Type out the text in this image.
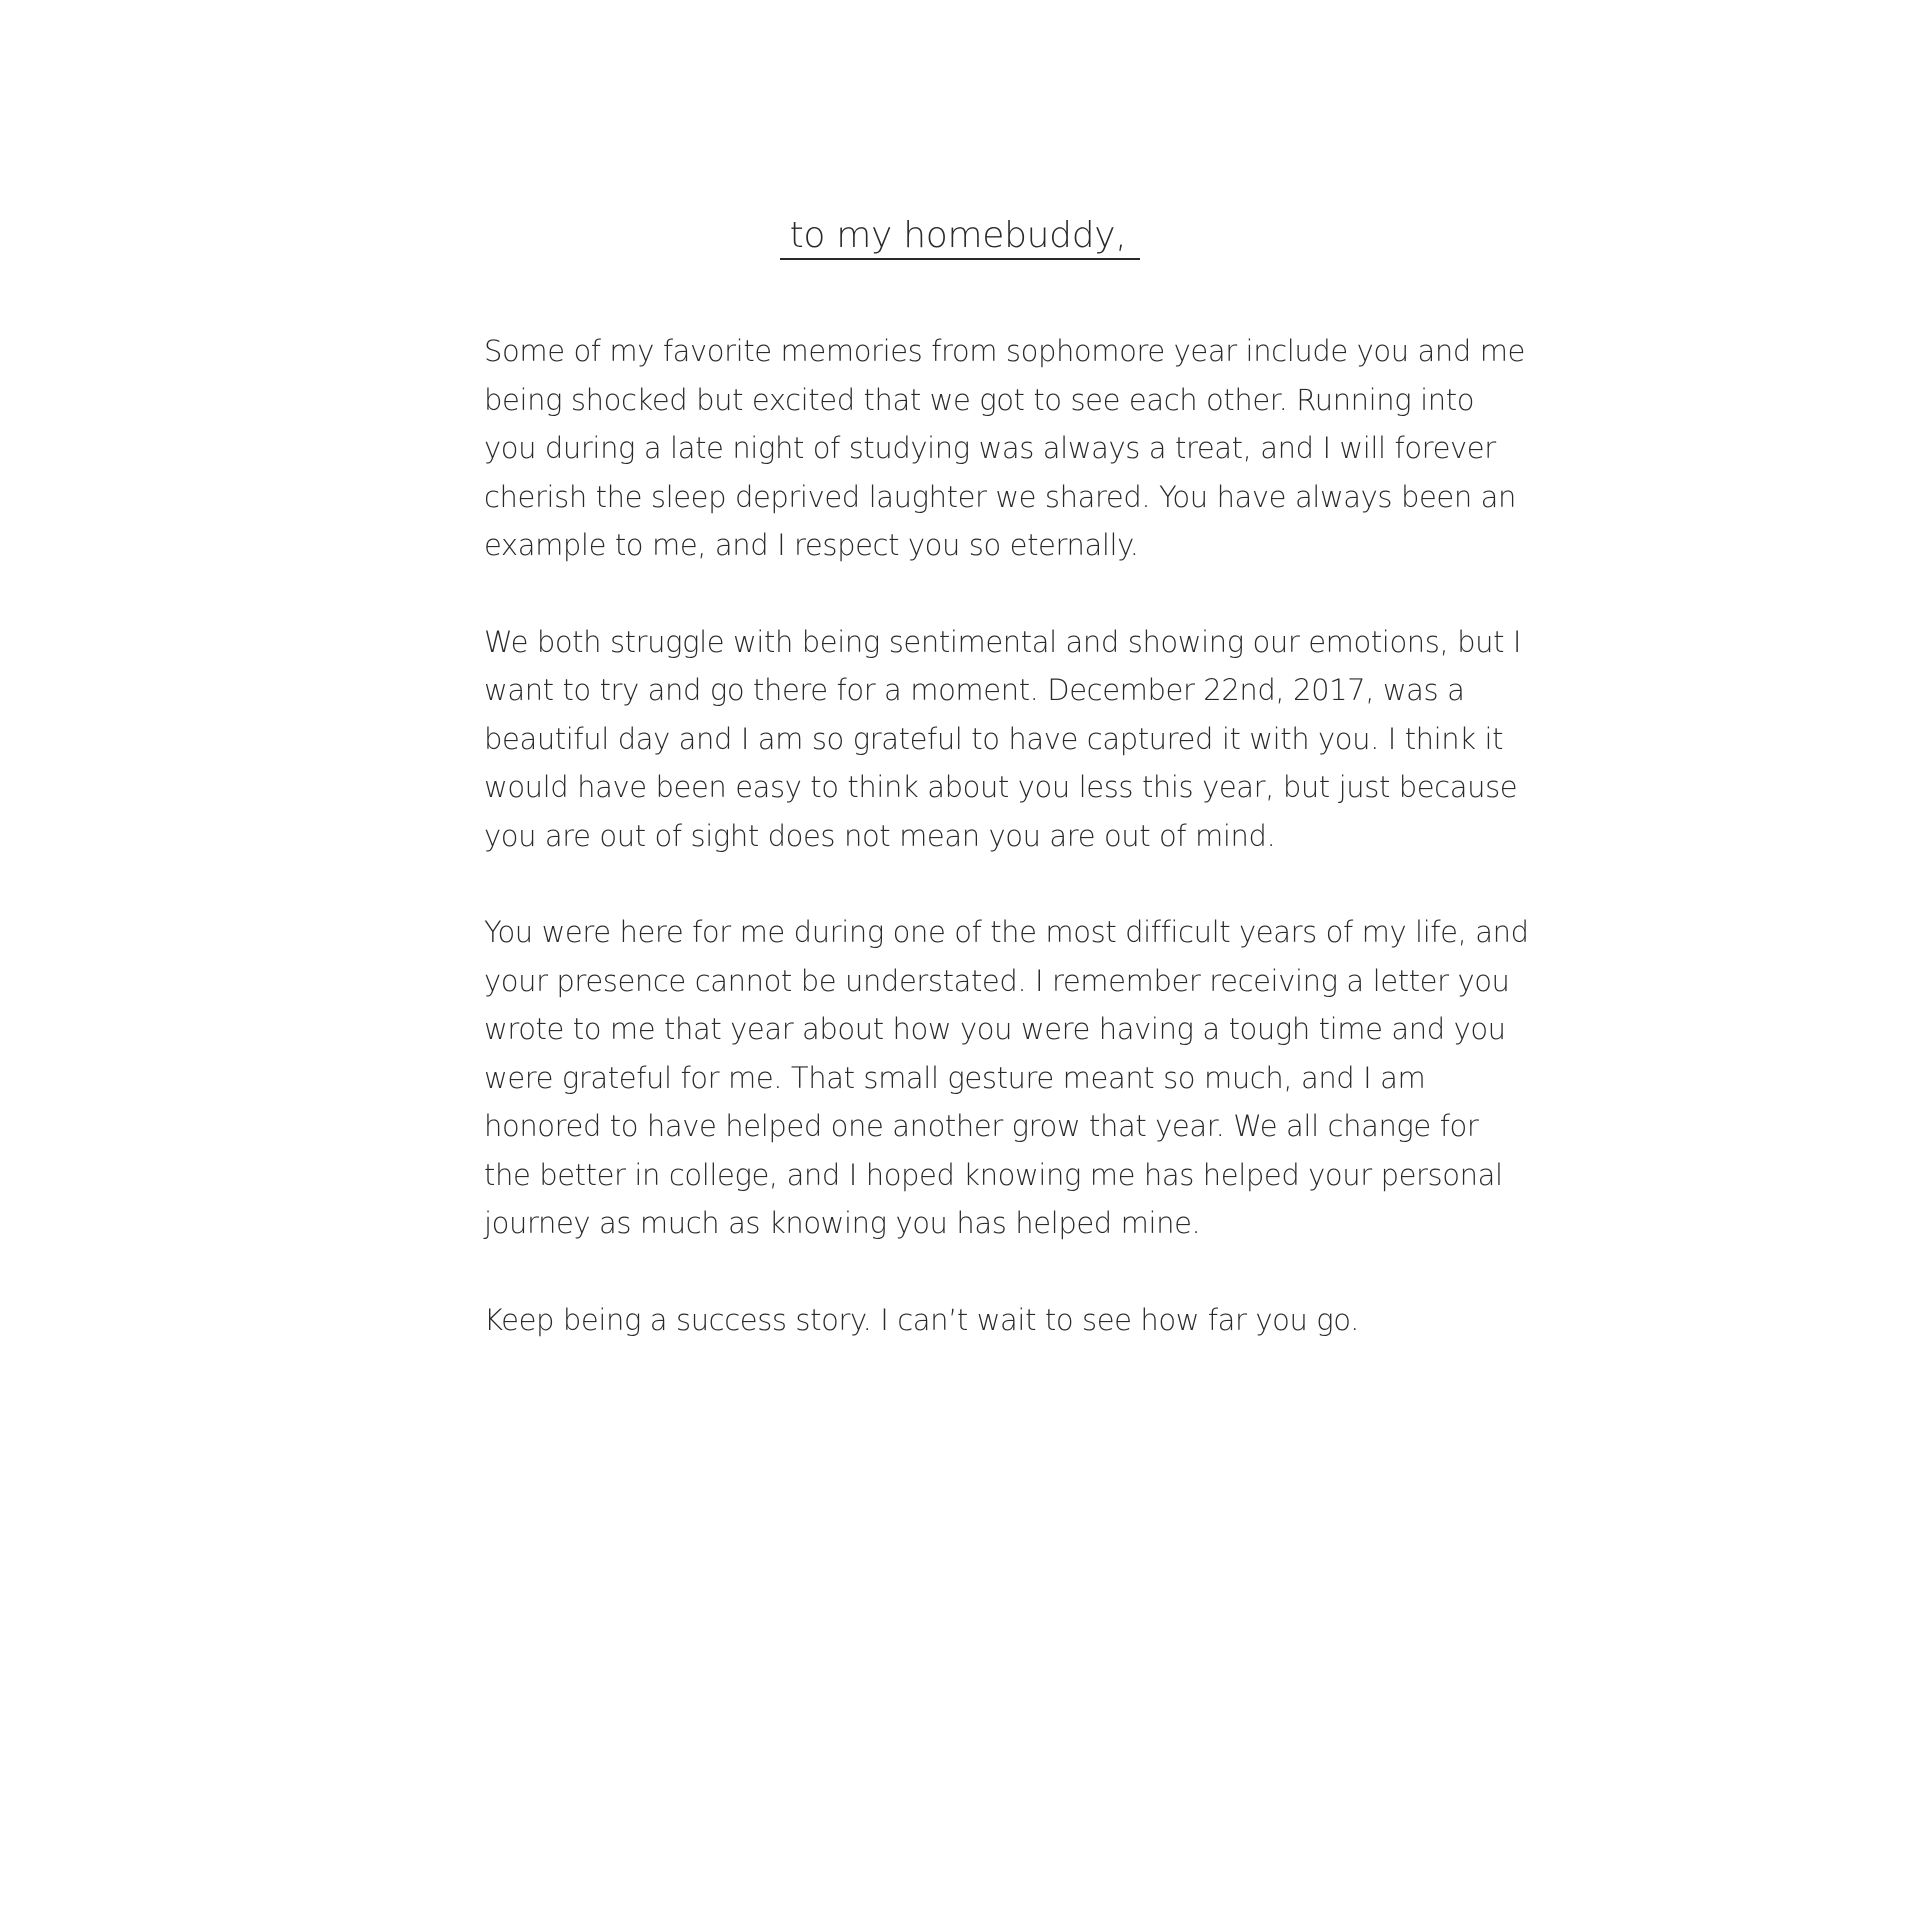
to my homebuddy,

Some of my favorite memories from sophomore year include you and me
being shocked but excited that we got to see each other. Running into
you during a late night of studying was always a treat, and I will forever
cherish the sleep deprived laughter we shared. You have always been an
example to me, and I respect you so eternally.

We both struggle with being sentimental and showing our emotions, but I
want to try and go there for a moment. December 22nd, 2017, was a
beautiful day and I am so grateful to have captured it with you. I think it
would have been easy to think about you less this year, but just because
you are out of sight does not mean you are out of mind.

You were here for me during one of the most difficult years of my life, and
your presence cannot be understated. I remember receiving a letter you
wrote to me that year about how you were having a tough time and you
were grateful for me. That small gesture meant so much, and I am
honored to have helped one another grow that year. We all change for
the better in college, and I hoped knowing me has helped your personal
journey as much as knowing you has helped mine.

Keep being a success story. I can’t wait to see how far you go.
